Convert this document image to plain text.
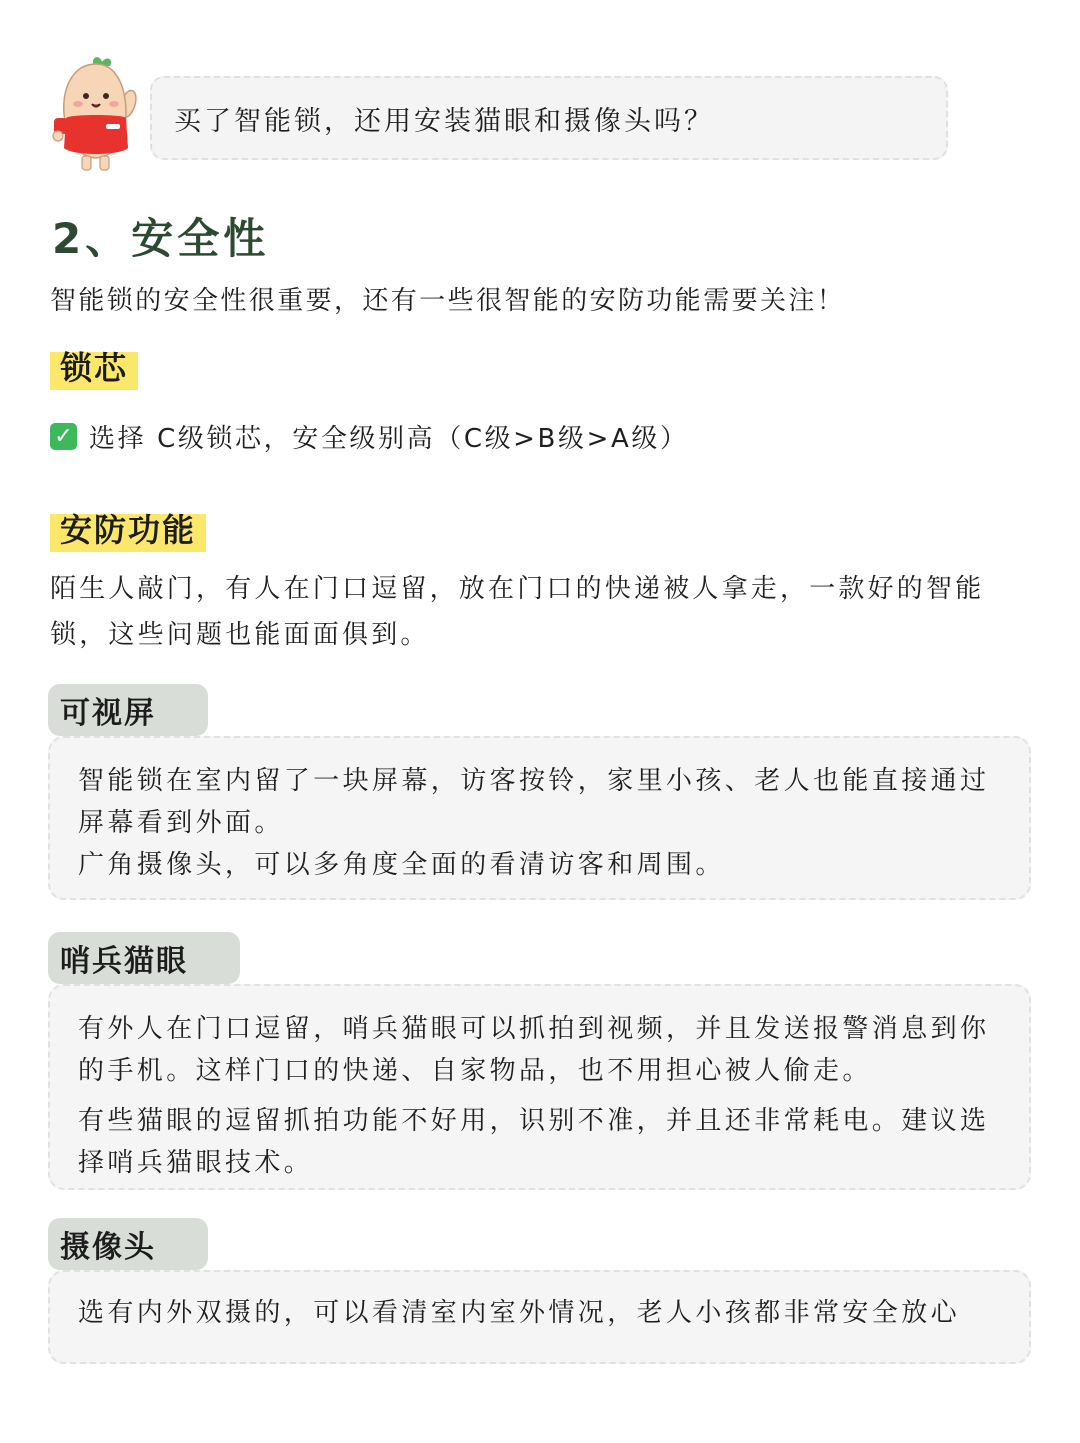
买了智能锁，还用安装猫眼和摄像头吗？
2、安全性
智能锁的安全性很重要，还有一些很智能的安防功能需要关注！
锁芯
✓ 选择 C级锁芯，安全级别高（C级>B级>A级）
安防功能
陌生人敲门，有人在门口逗留，放在门口的快递被人拿走，一款好的智能锁，这些问题也能面面俱到。
可视屏

智能锁在室内留了一块屏幕，访客按铃，家里小孩、老人也能直接通过屏幕看到外面。

广角摄像头，可以多角度全面的看清访客和周围。

哨兵猫眼

有外人在门口逗留，哨兵猫眼可以抓拍到视频，并且发送报警消息到你的手机。这样门口的快递、自家物品，也不用担心被人偷走。

有些猫眼的逗留抓拍功能不好用，识别不准，并且还非常耗电。建议选择哨兵猫眼技术。

摄像头

选有内外双摄的，可以看清室内室外情况，老人小孩都非常安全放心
